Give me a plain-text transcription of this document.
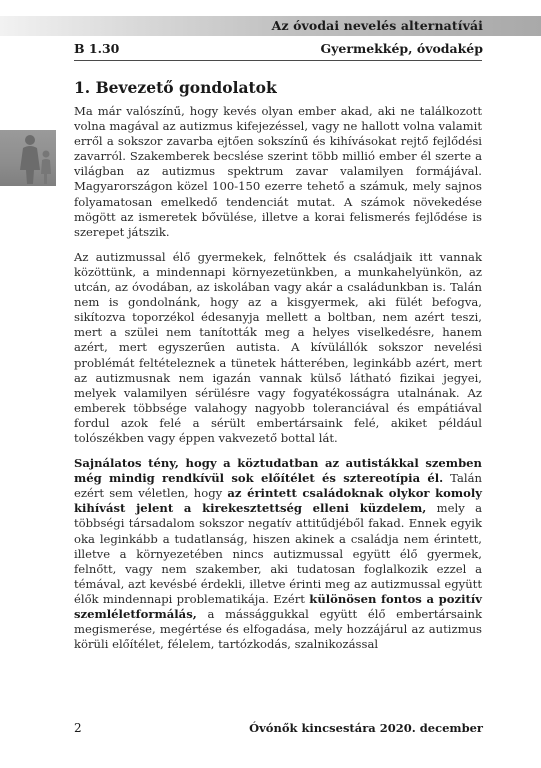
Az óvodai nevelés alternatívái
B 1.30	Gyermekkép, óvodakép
1. Bevezető gondolatok

Ma már valószínű, hogy kevés olyan ember akad, aki ne találkozott volna magával az autizmus kifejezéssel, vagy ne hallott volna valamit erről a sokszor zavarba ejtően sokszínű és kihívásokat rejtő fejlődési zavarról. Szakemberek becslése szerint több millió ember él szerte a világban az autizmus spektrum zavar valamilyen formájával. Magyarországon közel 100-150 ezerre tehető a számuk, mely sajnos folyamatosan emelkedő tendenciát mutat. A számok növekedése mögött az ismeretek bővülése, illetve a korai felismerés fejlődése is szerepet játszik.

Az autizmussal élő gyermekek, felnőttek és családjaik itt vannak közöttünk, a mindennapi környezetünkben, a munkahelyünkön, az utcán, az óvodában, az iskolában vagy akár a családunkban is. Talán nem is gondolnánk, hogy az a kisgyermek, aki fülét befogva, sikítozva toporzékol édesanyja mellett a boltban, nem azért teszi, mert a szülei nem tanították meg a helyes viselkedésre, hanem azért, mert egyszerűen autista. A kívülállók sokszor nevelési problémát feltételeznek a tünetek hátterében, leginkább azért, mert az autizmusnak nem igazán vannak külső látható fizikai jegyei, melyek valamilyen sérülésre vagy fogyatékosságra utalnának. Az emberek többsége valahogy nagyobb toleranciával és empátiával fordul azok felé a sérült embertársaink felé, akiket például tolószékben vagy éppen vakvezető bottal lát.

Sajnálatos tény, hogy a köztudatban az autistákkal szemben még mindig rendkívül sok előítélet és sztereotípia él. Talán ezért sem véletlen, hogy az érintett családoknak olykor komoly kihívást jelent a kirekesztettség elleni küzdelem, mely a többségi társadalom sokszor negatív attitűdjéből fakad. Ennek egyik oka leginkább a tudatlanság, hiszen akinek a családja nem érintett, illetve a környezetében nincs autizmussal együtt élő gyermek, felnőtt, vagy nem szakember, aki tudatosan foglalkozik ezzel a témával, azt kevésbé érdekli, illetve érinti meg az autizmussal együtt élők mindennapi problematikája. Ezért különösen fontos a pozitív szemléletformálás, a mássággukkal együtt élő embertársaink megismerése, megértése és elfogadása, mely hozzájárul az autizmus körüli előítélet, félelem, tartózkodás, szalnikozással

2	Óvónők kincsestára 2020. december
